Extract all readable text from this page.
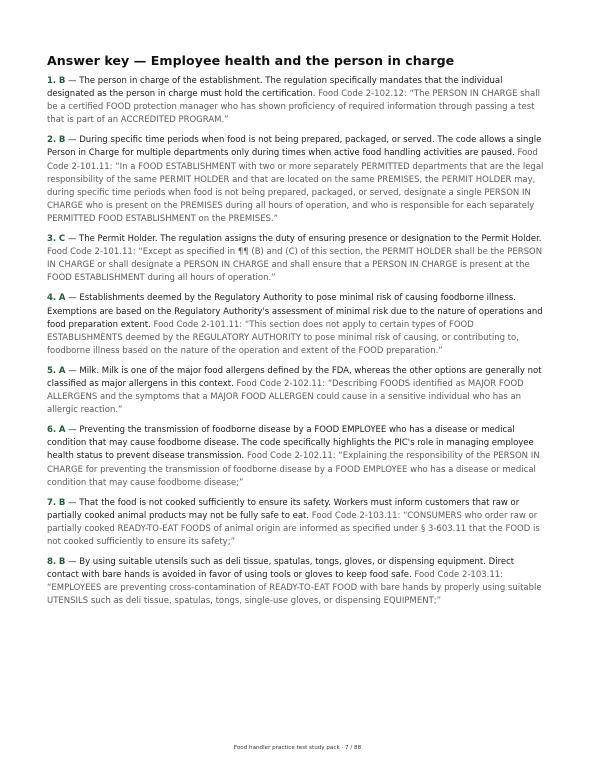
Answer key — Employee health and the person in charge

1. B — The person in charge of the establishment. The regulation specifically mandates that the individual designated as the person in charge must hold the certification. Food Code 2-102.12: “The PERSON IN CHARGE shall be a certified FOOD protection manager who has shown proficiency of required information through passing a test that is part of an ACCREDITED PROGRAM.”

2. B — During specific time periods when food is not being prepared, packaged, or served. The code allows a single Person in Charge for multiple departments only during times when active food handling activities are paused. Food Code 2-101.11: “In a FOOD ESTABLISHMENT with two or more separately PERMITTED departments that are the legal responsibility of the same PERMIT HOLDER and that are located on the same PREMISES, the PERMIT HOLDER may, during specific time periods when food is not being prepared, packaged, or served, designate a single PERSON IN CHARGE who is present on the PREMISES during all hours of operation, and who is responsible for each separately PERMITTED FOOD ESTABLISHMENT on the PREMISES.”

3. C — The Permit Holder. The regulation assigns the duty of ensuring presence or designation to the Permit Holder. Food Code 2-101.11: “Except as specified in ¶¶ (B) and (C) of this section, the PERMIT HOLDER shall be the PERSON IN CHARGE or shall designate a PERSON IN CHARGE and shall ensure that a PERSON IN CHARGE is present at the FOOD ESTABLISHMENT during all hours of operation.”

4. A — Establishments deemed by the Regulatory Authority to pose minimal risk of causing foodborne illness. Exemptions are based on the Regulatory Authority's assessment of minimal risk due to the nature of operations and food preparation extent. Food Code 2-101.11: “This section does not apply to certain types of FOOD ESTABLISHMENTS deemed by the REGULATORY AUTHORITY to pose minimal risk of causing, or contributing to, foodborne illness based on the nature of the operation and extent of the FOOD preparation.”

5. A — Milk. Milk is one of the major food allergens defined by the FDA, whereas the other options are generally not classified as major allergens in this context. Food Code 2-102.11: “Describing FOODS identified as MAJOR FOOD ALLERGENS and the symptoms that a MAJOR FOOD ALLERGEN could cause in a sensitive individual who has an allergic reaction.”

6. A — Preventing the transmission of foodborne disease by a FOOD EMPLOYEE who has a disease or medical condition that may cause foodborne disease. The code specifically highlights the PIC's role in managing employee health status to prevent disease transmission. Food Code 2-102.11: “Explaining the responsibility of the PERSON IN CHARGE for preventing the transmission of foodborne disease by a FOOD EMPLOYEE who has a disease or medical condition that may cause foodborne disease;”

7. B — That the food is not cooked sufficiently to ensure its safety. Workers must inform customers that raw or partially cooked animal products may not be fully safe to eat. Food Code 2-103.11: “CONSUMERS who order raw or partially cooked READY-TO-EAT FOODS of animal origin are informed as specified under § 3-603.11 that the FOOD is not cooked sufficiently to ensure its safety;”

8. B — By using suitable utensils such as deli tissue, spatulas, tongs, gloves, or dispensing equipment. Direct contact with bare hands is avoided in favor of using tools or gloves to keep food safe. Food Code 2-103.11: “EMPLOYEES are preventing cross-contamination of READY-TO-EAT FOOD with bare hands by properly using suitable UTENSILS such as deli tissue, spatulas, tongs, single-use gloves, or dispensing EQUIPMENT;”

Food handler practice test study pack · 7 / 88
